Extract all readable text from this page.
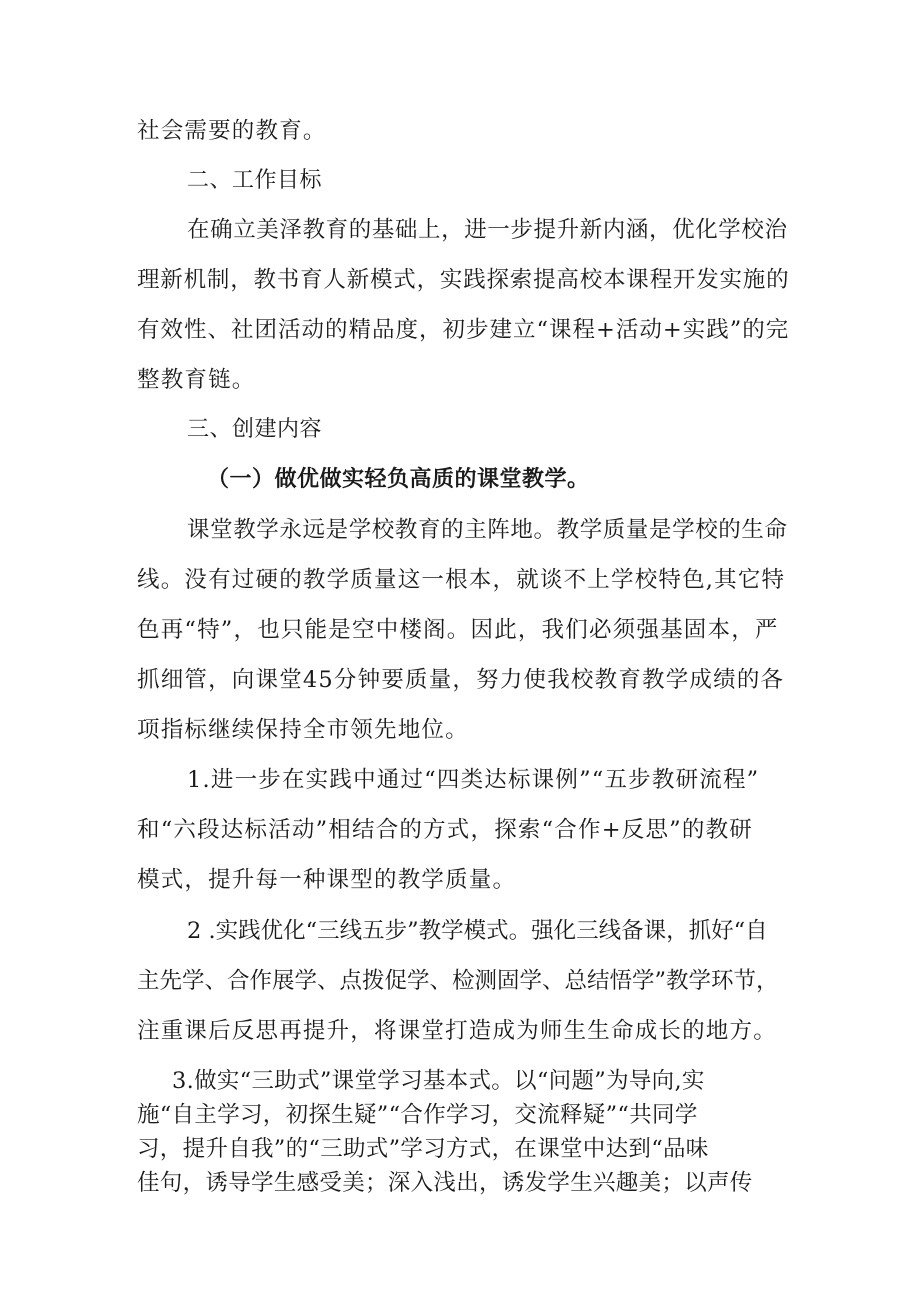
社会需要的教育。
二、工作目标
在确立美泽教育的基础上，进一步提升新内涵，优化学校治
理新机制，教书育人新模式，实践探索提高校本课程开发实施的
有效性、社团活动的精品度，初步建立“课程+活动+实践”的完
整教育链。
三、创建内容
（一）做优做实轻负高质的课堂教学。
课堂教学永远是学校教育的主阵地。教学质量是学校的生命
线。没有过硬的教学质量这一根本，就谈不上学校特色,其它特
色再“特”，也只能是空中楼阁。因此，我们必须强基固本，严
抓细管，向课堂45分钟要质量，努力使我校教育教学成绩的各
项指标继续保持全市领先地位。
1.进一步在实践中通过“四类达标课例”“五步教研流程”
和“六段达标活动”相结合的方式，探索“合作+反思”的教研
模式，提升每一种课型的教学质量。
2 .实践优化“三线五步”教学模式。强化三线备课，抓好“自
主先学、合作展学、点拨促学、检测固学、总结悟学”教学环节，
注重课后反思再提升，将课堂打造成为师生生命成长的地方。
3.做实“三助式”课堂学习基本式。以“问题”为导向,实
施“自主学习，初探生疑”“合作学习，交流释疑”“共同学
习，提升自我”的“三助式”学习方式，在课堂中达到“品味
佳句，诱导学生感受美；深入浅出，诱发学生兴趣美；以声传
